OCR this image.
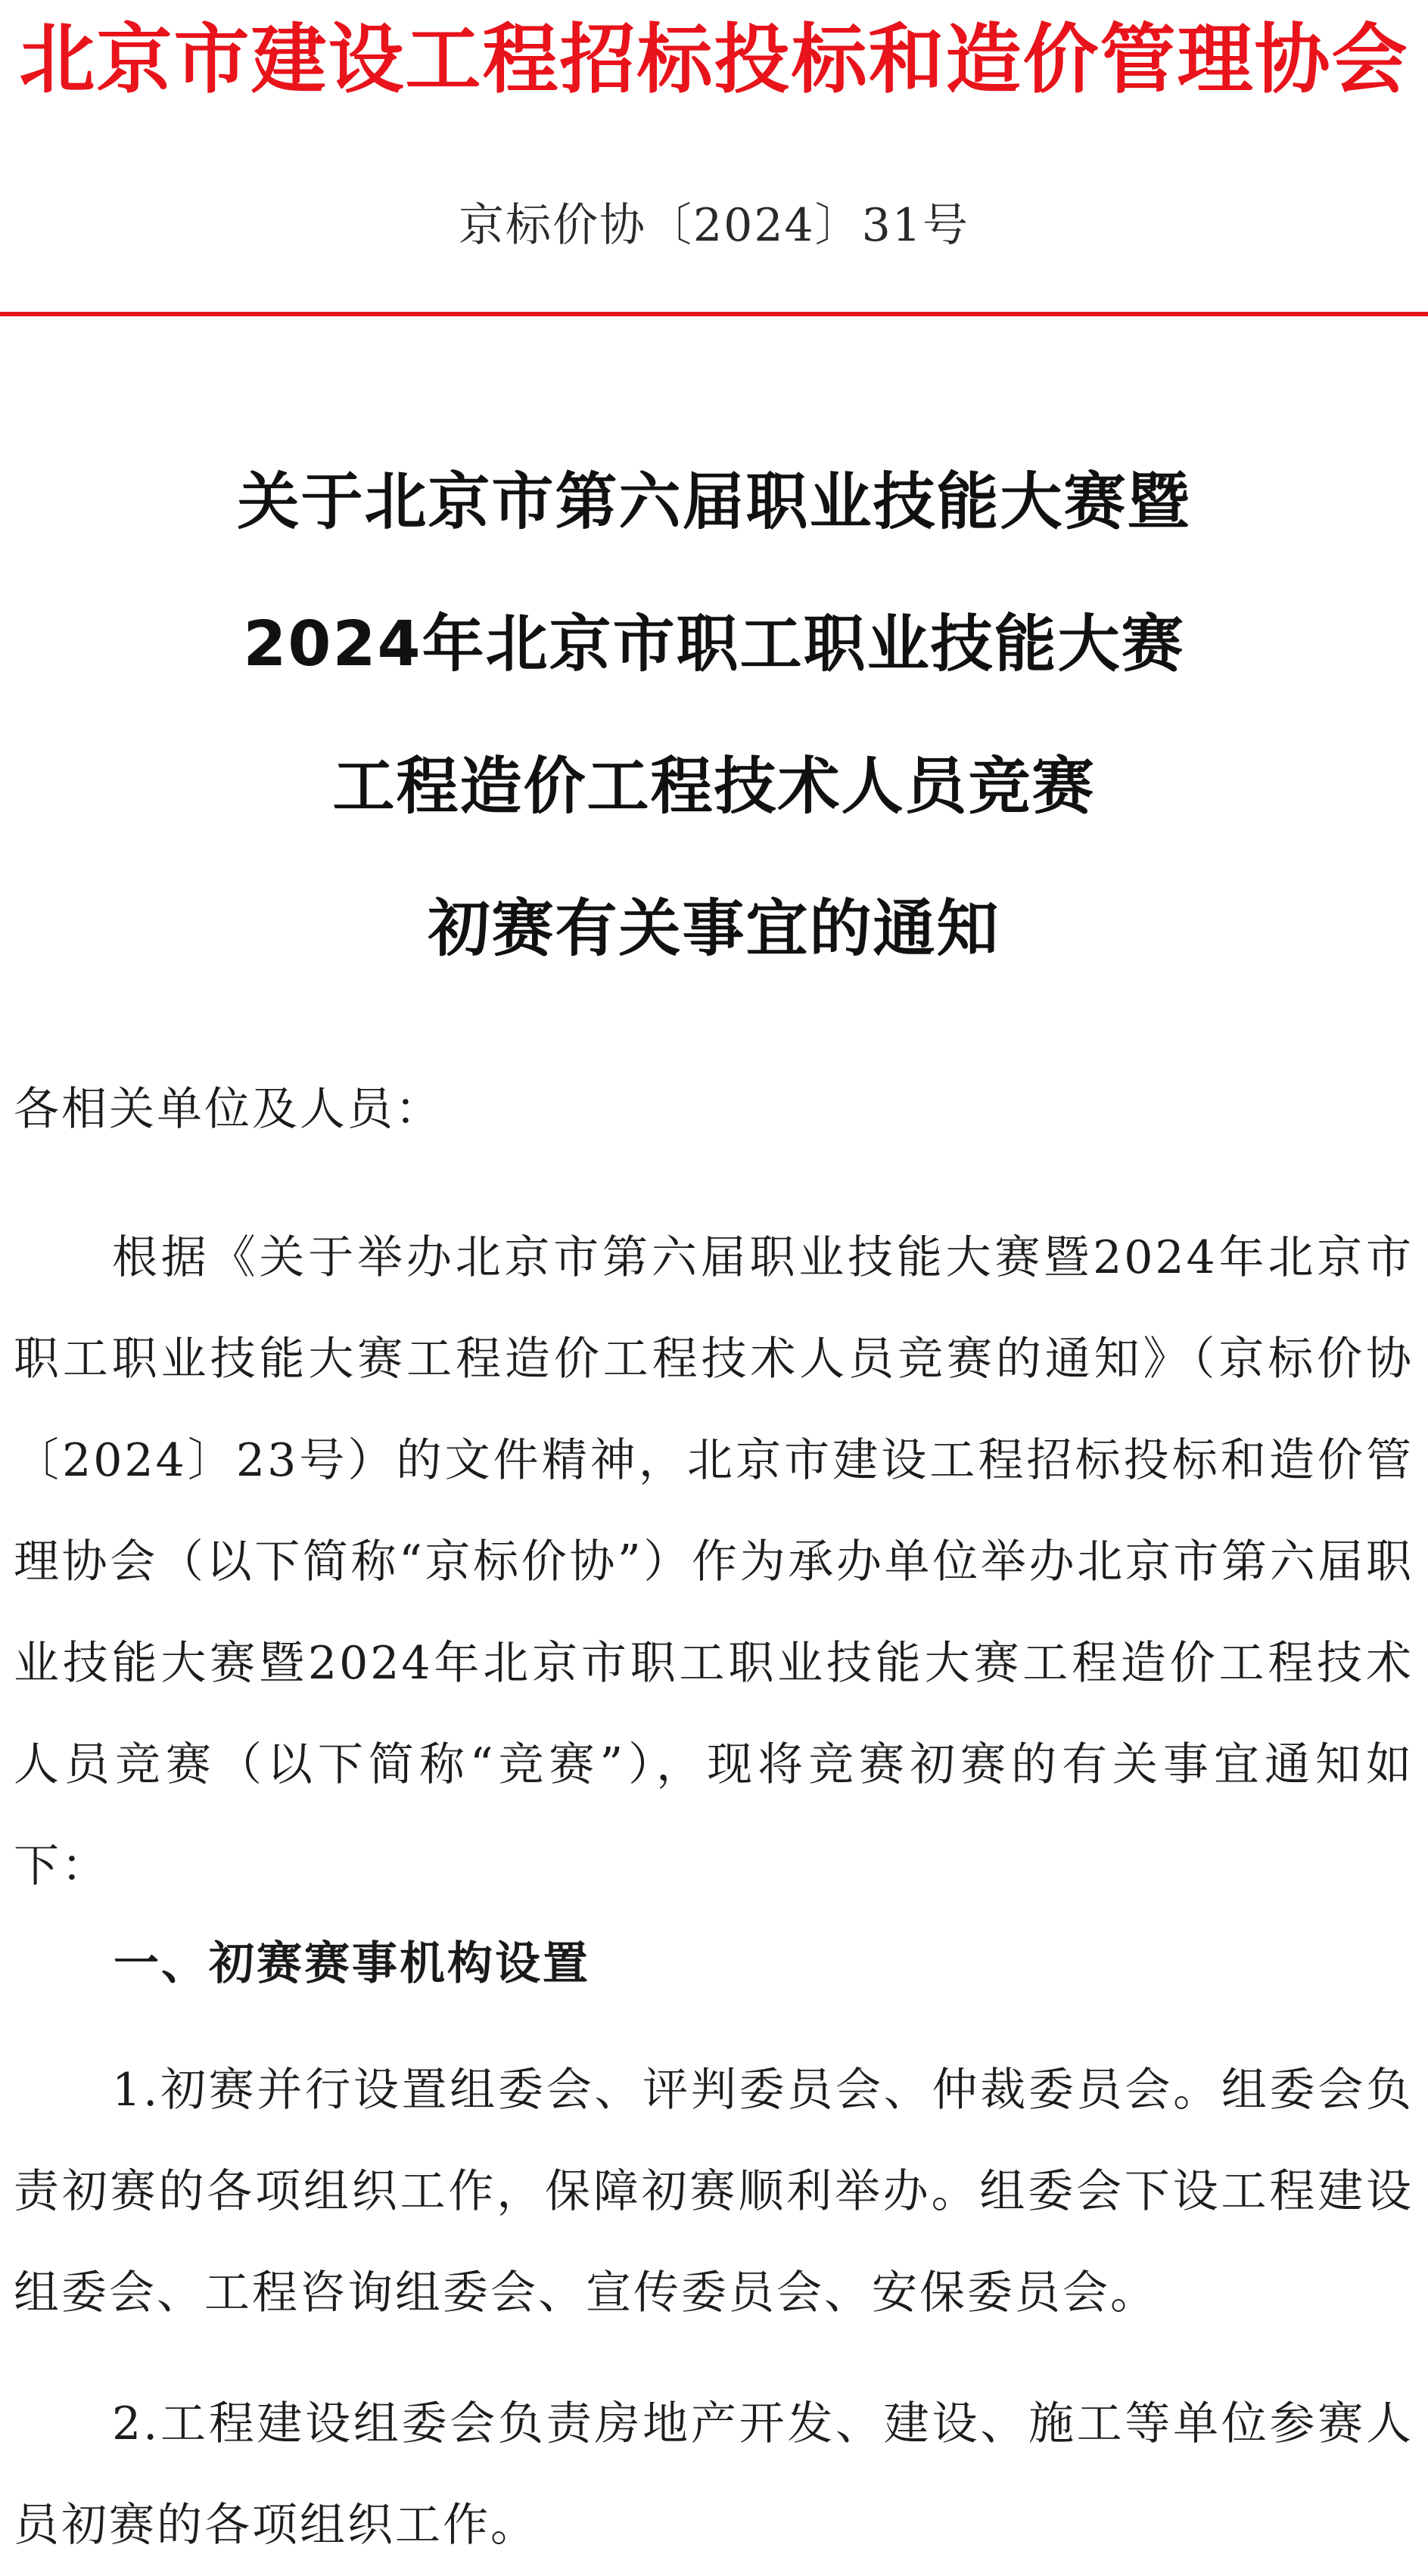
北京市建设工程招标投标和造价管理协会
京标价协〔2024〕31号
关于北京市第六届职业技能大赛暨
2024年北京市职工职业技能大赛
工程造价工程技术人员竞赛
初赛有关事宜的通知
各相关单位及人员：

根据《关于举办北京市第六届职业技能大赛暨2024年北京市职工职业技能大赛工程造价工程技术人员竞赛的通知》（京标价协〔2024〕23号）的文件精神，北京市建设工程招标投标和造价管理协会（以下简称“京标价协”）作为承办单位举办北京市第六届职业技能大赛暨2024年北京市职工职业技能大赛工程造价工程技术人员竞赛（以下简称“竞赛”），现将竞赛初赛的有关事宜通知如下：

一、初赛赛事机构设置

1.初赛并行设置组委会、评判委员会、仲裁委员会。组委会负责初赛的各项组织工作，保障初赛顺利举办。组委会下设工程建设组委会、工程咨询组委会、宣传委员会、安保委员会。

2.工程建设组委会负责房地产开发、建设、施工等单位参赛人员初赛的各项组织工作。
